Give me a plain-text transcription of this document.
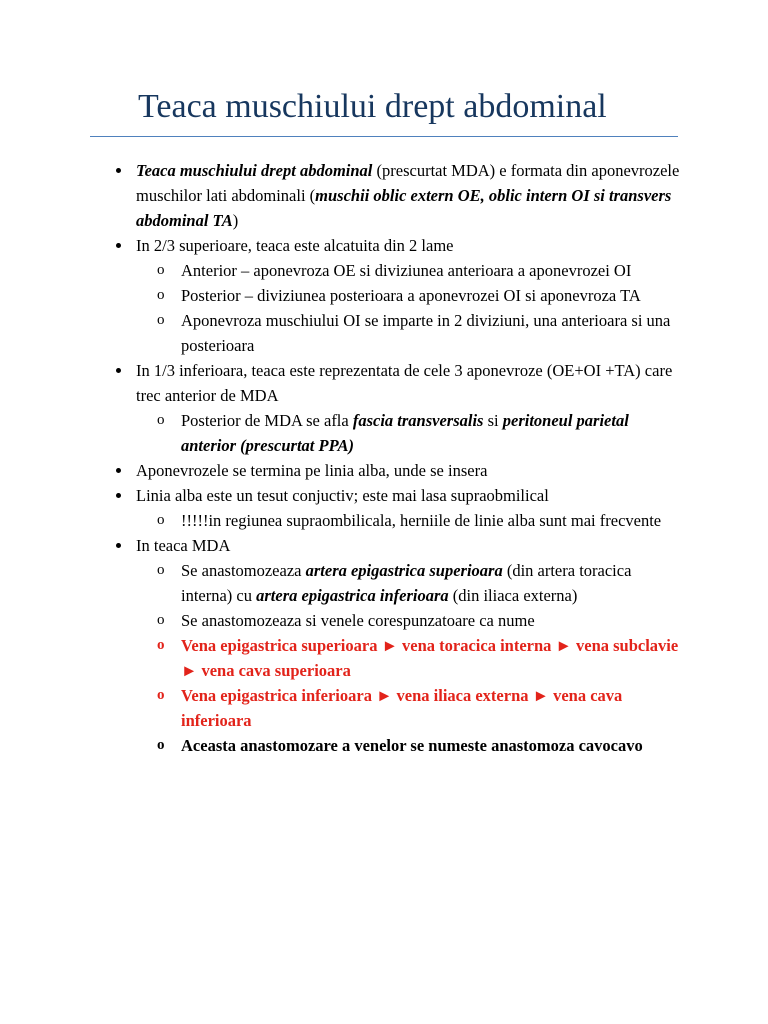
Teaca muschiului drept abdominal
Teaca muschiului drept abdominal (prescurtat MDA) e formata din aponevrozele muschilor lati abdominali (muschii oblic extern OE, oblic intern OI si transvers abdominal TA)
In 2/3 superioare, teaca este alcatuita din 2 lame
o Anterior – aponevroza OE si diviziunea anterioara a aponevrozei OI
o Posterior – diviziunea posterioara a aponevrozei OI si aponevroza TA
o Aponevroza muschiului OI se imparte in 2 diviziuni, una anterioara si una posterioara
In 1/3 inferioara, teaca este reprezentata de cele 3 aponevroze (OE+OI +TA) care trec anterior de MDA
o Posterior de MDA se afla fascia transversalis si peritoneul parietal anterior (prescurtat PPA)
Aponevrozele se termina pe linia alba, unde se insera
Linia alba este un tesut conjuctiv; este mai lasa supraobmilical
o !!!!!in regiunea supraombilicala, herniile de linie alba sunt mai frecvente
In teaca MDA
o Se anastomozeaza artera epigastrica superioara (din artera toracica interna) cu artera epigastrica inferioara (din iliaca externa)
o Se anastomozeaza si venele corespunzatoare ca nume
o Vena epigastrica superioara ► vena toracica interna ► vena subclavie ► vena cava superioara
o Vena epigastrica inferioara ► vena iliaca externa ► vena cava inferioara
o Aceasta anastomozare a venelor se numeste anastomoza cavocavo
